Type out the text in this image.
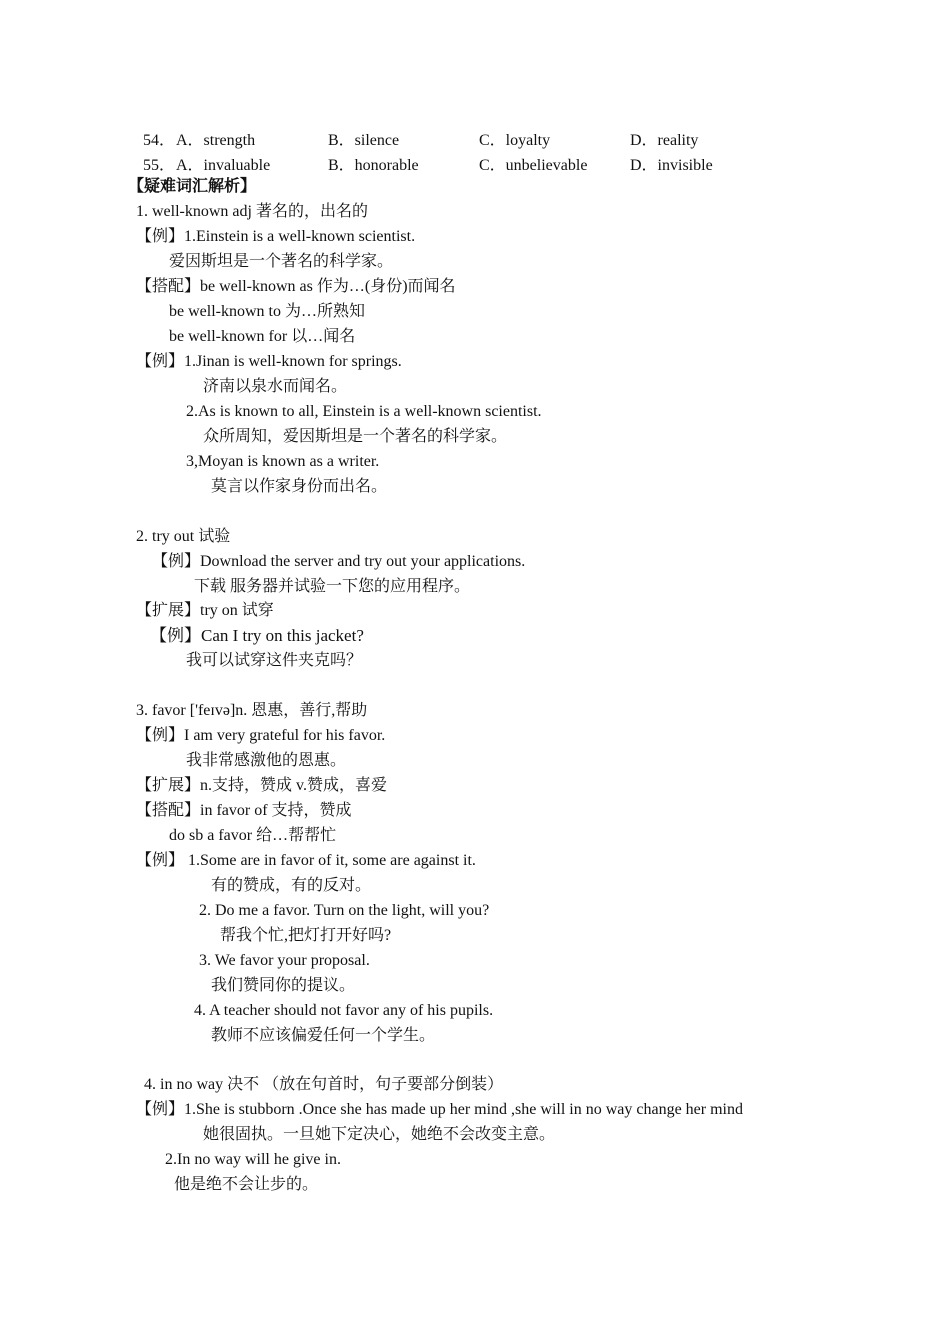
54． A．strength	B．silence	C．loyalty	D．reality
55． A．invaluable	B．honorable	C．unbelievable	D．invisible
【疑难词汇解析】
1. well-known adj 著名的，出名的
【例】1.Einstein is a well-known scientist.
爱因斯坦是一个著名的科学家。
【搭配】be well-known as 作为…(身份)而闻名
be well-known to 为…所熟知
be well-known for 以…闻名
【例】1.Jinan is well-known for springs.
济南以泉水而闻名。
2.As is known to all, Einstein is a well-known scientist.
众所周知，爱因斯坦是一个著名的科学家。
3,Moyan is known as a writer.
莫言以作家身份而出名。
2. try out 试验
【例】Download the server and try out your applications.
下载 服务器并试验一下您的应用程序。
【扩展】try on 试穿
【例】Can I try on this jacket?
我可以试穿这件夹克吗？
3. favor ['feɪvə]n. 恩惠，善行,帮助
【例】I am very grateful for his favor.
我非常感激他的恩惠。
【扩展】n.支持，赞成 v.赞成，喜爱
【搭配】in favor of 支持，赞成
do sb a favor 给…帮帮忙
【例】 1.Some are in favor of it, some are against it.
有的赞成，有的反对。
2. Do me a favor. Turn on the light, will you?
帮我个忙,把灯打开好吗?
3. We favor your proposal.
我们赞同你的提议。
4. A teacher should not favor any of his pupils.
教师不应该偏爱任何一个学生。
4. in no way 决不 （放在句首时，句子要部分倒装）
【例】1.She is stubborn .Once she has made up her mind ,she will in no way change her mind
她很固执。一旦她下定决心，她绝不会改变主意。
2.In no way will he give in.
他是绝不会让步的。
